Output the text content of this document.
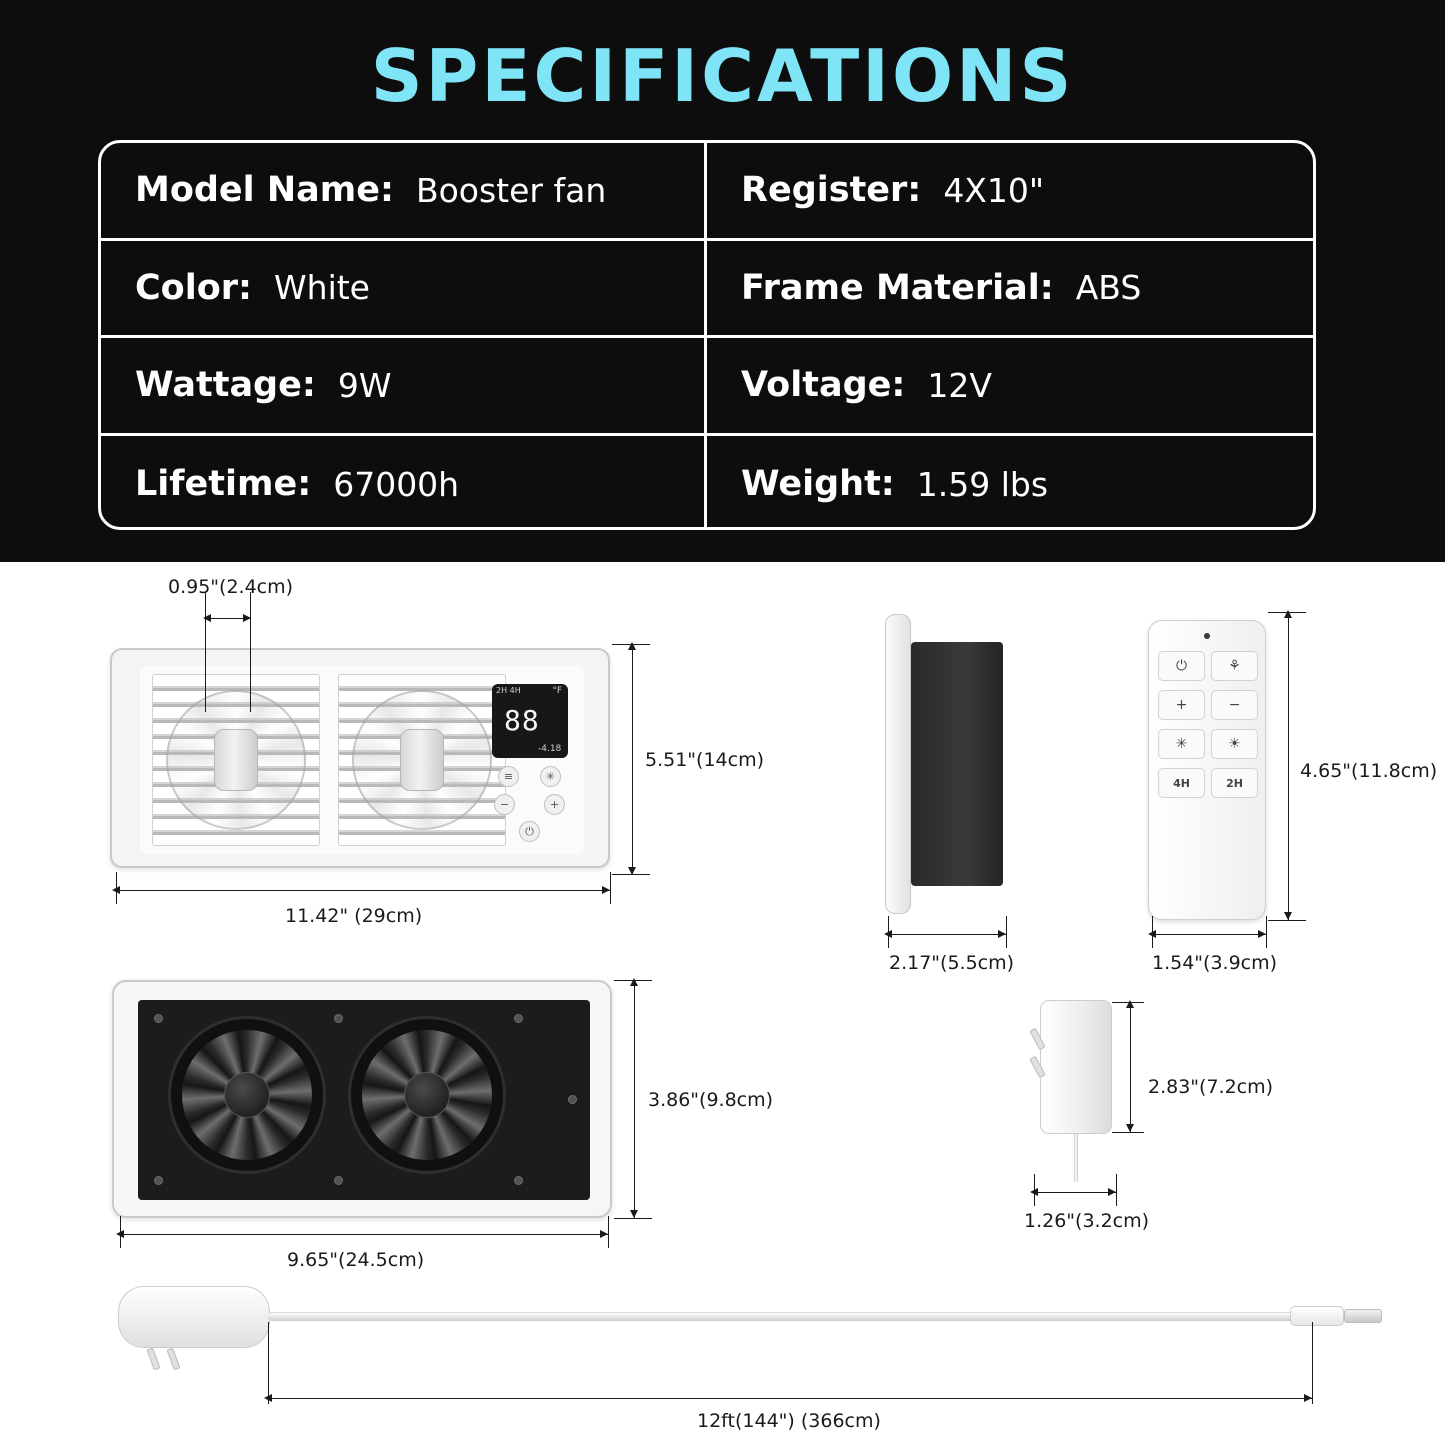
SPECIFICATIONS
Model Name: Booster fan	Register: 4X10"
Color: White	Frame Material: ABS
Wattage: 9W	Voltage: 12V
Lifetime: 67000h	Weight: 1.59 lbs
2H 4H	°F
88
-4.18
≡	✳
−	+
⏻
0.95"(2.4cm)
5.51"(14cm)
11.42" (29cm)
3.86"(9.8cm)
9.65"(24.5cm)
2.17"(5.5cm)
⏻	⚘
+	−
✳	☀
4H	2H
4.65"(11.8cm)
1.54"(3.9cm)
2.83"(7.2cm)
1.26"(3.2cm)
12ft(144") (366cm)
